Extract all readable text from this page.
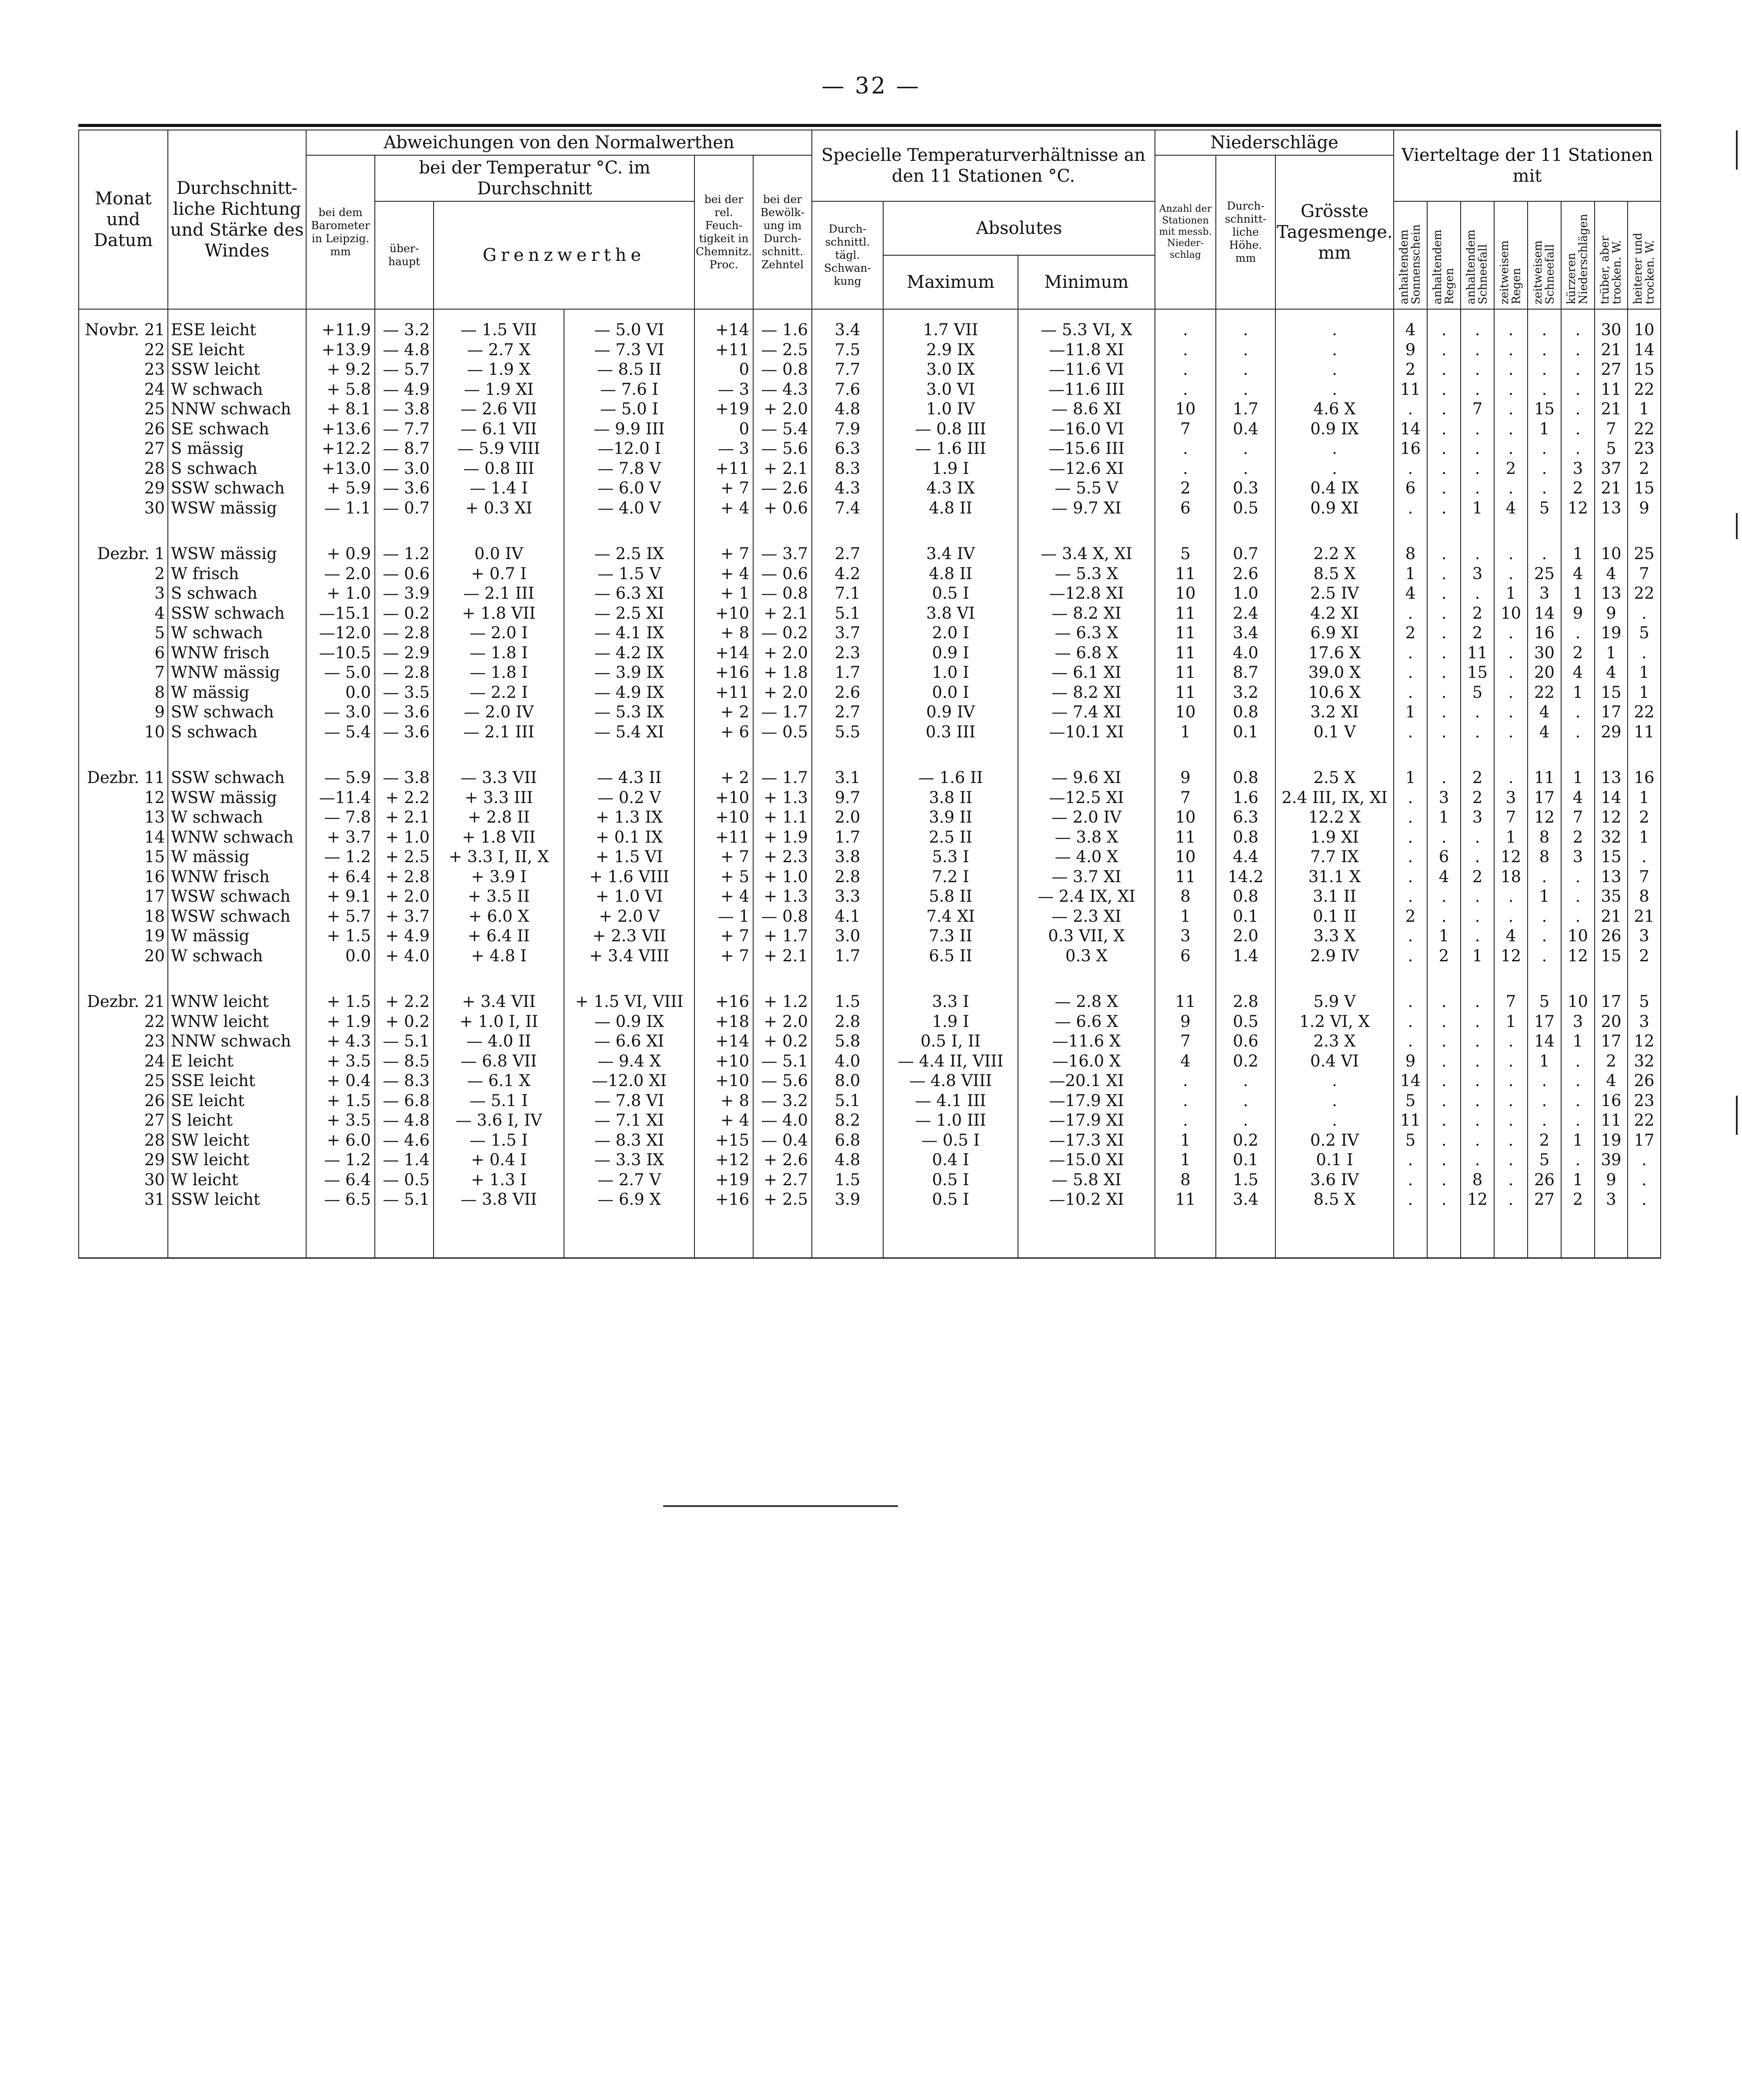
— 32 —
Monat und Datum	Durchschnittliche Richtung und Stärke des Windes	Abweichungen von den Normalwerthen						Specielle Temperaturverhältnisse an den 11 Stationen °C.			Niederschläge			Vierteltage der 11 Stationen mit							
		bei dem Barometer in Leipzig. mm	bei der Temperatur °C. im Durchschnitt			bei der rel. Feuchtigkeit in Chemnitz. Proc.	bei der Bewölkung im Durchschnitt. Zehntel				Anzahl der Stationen mit messb. Niederschlag	Durchschnittliche Höhe. mm	Grösste Tagesmenge. mm								
			überhaupt	Grenzwerthe				Durchschnittl. tägl. Schwankung	Absolutes					anhaltendem Sonnenschein	anhaltendem Regen	anhaltendem Schneefall	zeitweisem Regen	zeitweisem Schneefall	kürzeren Niederschlägen	trüber, aber trocken. W.	heiterer und trocken. W.
									Maximum	Minimum											
Novbr. 21	ESE leicht	+11.9	— 3.2	— 1.5 VII	— 5.0 VI	+14	— 1.6	3.4	1.7 VII	— 5.3 VI, X	.	.	.	4	.	.	.	.	.	30	10
22	SE leicht	+13.9	— 4.8	— 2.7 X	— 7.3 VI	+11	— 2.5	7.5	2.9 IX	—11.8 XI	.	.	.	9	.	.	.	.	.	21	14
23	SSW leicht	+ 9.2	— 5.7	— 1.9 X	— 8.5 II	0	— 0.8	7.7	3.0 IX	—11.6 VI	.	.	.	2	.	.	.	.	.	27	15
24	W schwach	+ 5.8	— 4.9	— 1.9 XI	— 7.6 I	— 3	— 4.3	7.6	3.0 VI	—11.6 III	.	.	.	11	.	.	.	.	.	11	22
25	NNW schwach	+ 8.1	— 3.8	— 2.6 VII	— 5.0 I	+19	+ 2.0	4.8	1.0 IV	— 8.6 XI	10	1.7	4.6 X	.	.	7	.	15	.	21	1
26	SE schwach	+13.6	— 7.7	— 6.1 VII	— 9.9 III	0	— 5.4	7.9	— 0.8 III	—16.0 VI	7	0.4	0.9 IX	14	.	.	.	1	.	7	22
27	S mässig	+12.2	— 8.7	— 5.9 VIII	—12.0 I	— 3	— 5.6	6.3	— 1.6 III	—15.6 III	.	.	.	16	.	.	.	.	.	5	23
28	S schwach	+13.0	— 3.0	— 0.8 III	— 7.8 V	+11	+ 2.1	8.3	1.9 I	—12.6 XI	.	.	.	.	.	.	2	.	3	37	2
29	SSW schwach	+ 5.9	— 3.6	— 1.4 I	— 6.0 V	+ 7	— 2.6	4.3	4.3 IX	— 5.5 V	2	0.3	0.4 IX	6	.	.	.	.	2	21	15
30	WSW mässig	— 1.1	— 0.7	+ 0.3 XI	— 4.0 V	+ 4	+ 0.6	7.4	4.8 II	— 9.7 XI	6	0.5	0.9 XI	.	.	1	4	5	12	13	9

Dezbr. 1	WSW mässig	+ 0.9	— 1.2	0.0 IV	— 2.5 IX	+ 7	— 3.7	2.7	3.4 IV	— 3.4 X, XI	5	0.7	2.2 X	8	.	.	.	.	1	10	25
2	W frisch	— 2.0	— 0.6	+ 0.7 I	— 1.5 V	+ 4	— 0.6	4.2	4.8 II	— 5.3 X	11	2.6	8.5 X	1	.	3	.	25	4	4	7
3	S schwach	+ 1.0	— 3.9	— 2.1 III	— 6.3 XI	+ 1	— 0.8	7.1	0.5 I	—12.8 XI	10	1.0	2.5 IV	4	.	.	1	3	1	13	22
4	SSW schwach	—15.1	— 0.2	+ 1.8 VII	— 2.5 XI	+10	+ 2.1	5.1	3.8 VI	— 8.2 XI	11	2.4	4.2 XI	.	.	2	10	14	9	9	.
5	W schwach	—12.0	— 2.8	— 2.0 I	— 4.1 IX	+ 8	— 0.2	3.7	2.0 I	— 6.3 X	11	3.4	6.9 XI	2	.	2	.	16	.	19	5
6	WNW frisch	—10.5	— 2.9	— 1.8 I	— 4.2 IX	+14	+ 2.0	2.3	0.9 I	— 6.8 X	11	4.0	17.6 X	.	.	11	.	30	2	1	.
7	WNW mässig	— 5.0	— 2.8	— 1.8 I	— 3.9 IX	+16	+ 1.8	1.7	1.0 I	— 6.1 XI	11	8.7	39.0 X	.	.	15	.	20	4	4	1
8	W mässig	0.0	— 3.5	— 2.2 I	— 4.9 IX	+11	+ 2.0	2.6	0.0 I	— 8.2 XI	11	3.2	10.6 X	.	.	5	.	22	1	15	1
9	SW schwach	— 3.0	— 3.6	— 2.0 IV	— 5.3 IX	+ 2	— 1.7	2.7	0.9 IV	— 7.4 XI	10	0.8	3.2 XI	1	.	.	.	4	.	17	22
10	S schwach	— 5.4	— 3.6	— 2.1 III	— 5.4 XI	+ 6	— 0.5	5.5	0.3 III	—10.1 XI	1	0.1	0.1 V	.	.	.	.	4	.	29	11

Dezbr. 11	SSW schwach	— 5.9	— 3.8	— 3.3 VII	— 4.3 II	+ 2	— 1.7	3.1	— 1.6 II	— 9.6 XI	9	0.8	2.5 X	1	.	2	.	11	1	13	16
12	WSW mässig	—11.4	+ 2.2	+ 3.3 III	— 0.2 V	+10	+ 1.3	9.7	3.8 II	—12.5 XI	7	1.6	2.4 III, IX, XI	.	3	2	3	17	4	14	1
13	W schwach	— 7.8	+ 2.1	+ 2.8 II	+ 1.3 IX	+10	+ 1.1	2.0	3.9 II	— 2.0 IV	10	6.3	12.2 X	.	1	3	7	12	7	12	2
14	WNW schwach	+ 3.7	+ 1.0	+ 1.8 VII	+ 0.1 IX	+11	+ 1.9	1.7	2.5 II	— 3.8 X	11	0.8	1.9 XI	.	.	.	1	8	2	32	1
15	W mässig	— 1.2	+ 2.5	+ 3.3 I, II, X	+ 1.5 VI	+ 7	+ 2.3	3.8	5.3 I	— 4.0 X	10	4.4	7.7 IX	.	6	.	12	8	3	15	.
16	WNW frisch	+ 6.4	+ 2.8	+ 3.9 I	+ 1.6 VIII	+ 5	+ 1.0	2.8	7.2 I	— 3.7 XI	11	14.2	31.1 X	.	4	2	18	.	.	13	7
17	WSW schwach	+ 9.1	+ 2.0	+ 3.5 II	+ 1.0 VI	+ 4	+ 1.3	3.3	5.8 II	— 2.4 IX, XI	8	0.8	3.1 II	.	.	.	.	1	.	35	8
18	WSW schwach	+ 5.7	+ 3.7	+ 6.0 X	+ 2.0 V	— 1	— 0.8	4.1	7.4 XI	— 2.3 XI	1	0.1	0.1 II	2	.	.	.	.	.	21	21
19	W mässig	+ 1.5	+ 4.9	+ 6.4 II	+ 2.3 VII	+ 7	+ 1.7	3.0	7.3 II	0.3 VII, X	3	2.0	3.3 X	.	1	.	4	.	10	26	3
20	W schwach	0.0	+ 4.0	+ 4.8 I	+ 3.4 VIII	+ 7	+ 2.1	1.7	6.5 II	0.3 X	6	1.4	2.9 IV	.	2	1	12	.	12	15	2

Dezbr. 21	WNW leicht	+ 1.5	+ 2.2	+ 3.4 VII	+ 1.5 VI, VIII	+16	+ 1.2	1.5	3.3 I	— 2.8 X	11	2.8	5.9 V	.	.	.	7	5	10	17	5
22	WNW leicht	+ 1.9	+ 0.2	+ 1.0 I, II	— 0.9 IX	+18	+ 2.0	2.8	1.9 I	— 6.6 X	9	0.5	1.2 VI, X	.	.	.	1	17	3	20	3
23	NNW schwach	+ 4.3	— 5.1	— 4.0 II	— 6.6 XI	+14	+ 0.2	5.8	0.5 I, II	—11.6 X	7	0.6	2.3 X	.	.	.	.	14	1	17	12
24	E leicht	+ 3.5	— 8.5	— 6.8 VII	— 9.4 X	+10	— 5.1	4.0	— 4.4 II, VIII	—16.0 X	4	0.2	0.4 VI	9	.	.	.	1	.	2	32
25	SSE leicht	+ 0.4	— 8.3	— 6.1 X	—12.0 XI	+10	— 5.6	8.0	— 4.8 VIII	—20.1 XI	.	.	.	14	.	.	.	.	.	4	26
26	SE leicht	+ 1.5	— 6.8	— 5.1 I	— 7.8 VI	+ 8	— 3.2	5.1	— 4.1 III	—17.9 XI	.	.	.	5	.	.	.	.	.	16	23
27	S leicht	+ 3.5	— 4.8	— 3.6 I, IV	— 7.1 XI	+ 4	— 4.0	8.2	— 1.0 III	—17.9 XI	.	.	.	11	.	.	.	.	.	11	22
28	SW leicht	+ 6.0	— 4.6	— 1.5 I	— 8.3 XI	+15	— 0.4	6.8	— 0.5 I	—17.3 XI	1	0.2	0.2 IV	5	.	.	.	2	1	19	17
29	SW leicht	— 1.2	— 1.4	+ 0.4 I	— 3.3 IX	+12	+ 2.6	4.8	0.4 I	—15.0 XI	1	0.1	0.1 I	.	.	.	.	5	.	39	.
30	W leicht	— 6.4	— 0.5	+ 1.3 I	— 2.7 V	+19	+ 2.7	1.5	0.5 I	— 5.8 XI	8	1.5	3.6 IV	.	.	8	.	26	1	9	.
31	SSW leicht	— 6.5	— 5.1	— 3.8 VII	— 6.9 X	+16	+ 2.5	3.9	0.5 I	—10.2 XI	11	3.4	8.5 X	.	.	12	.	27	2	3	.
